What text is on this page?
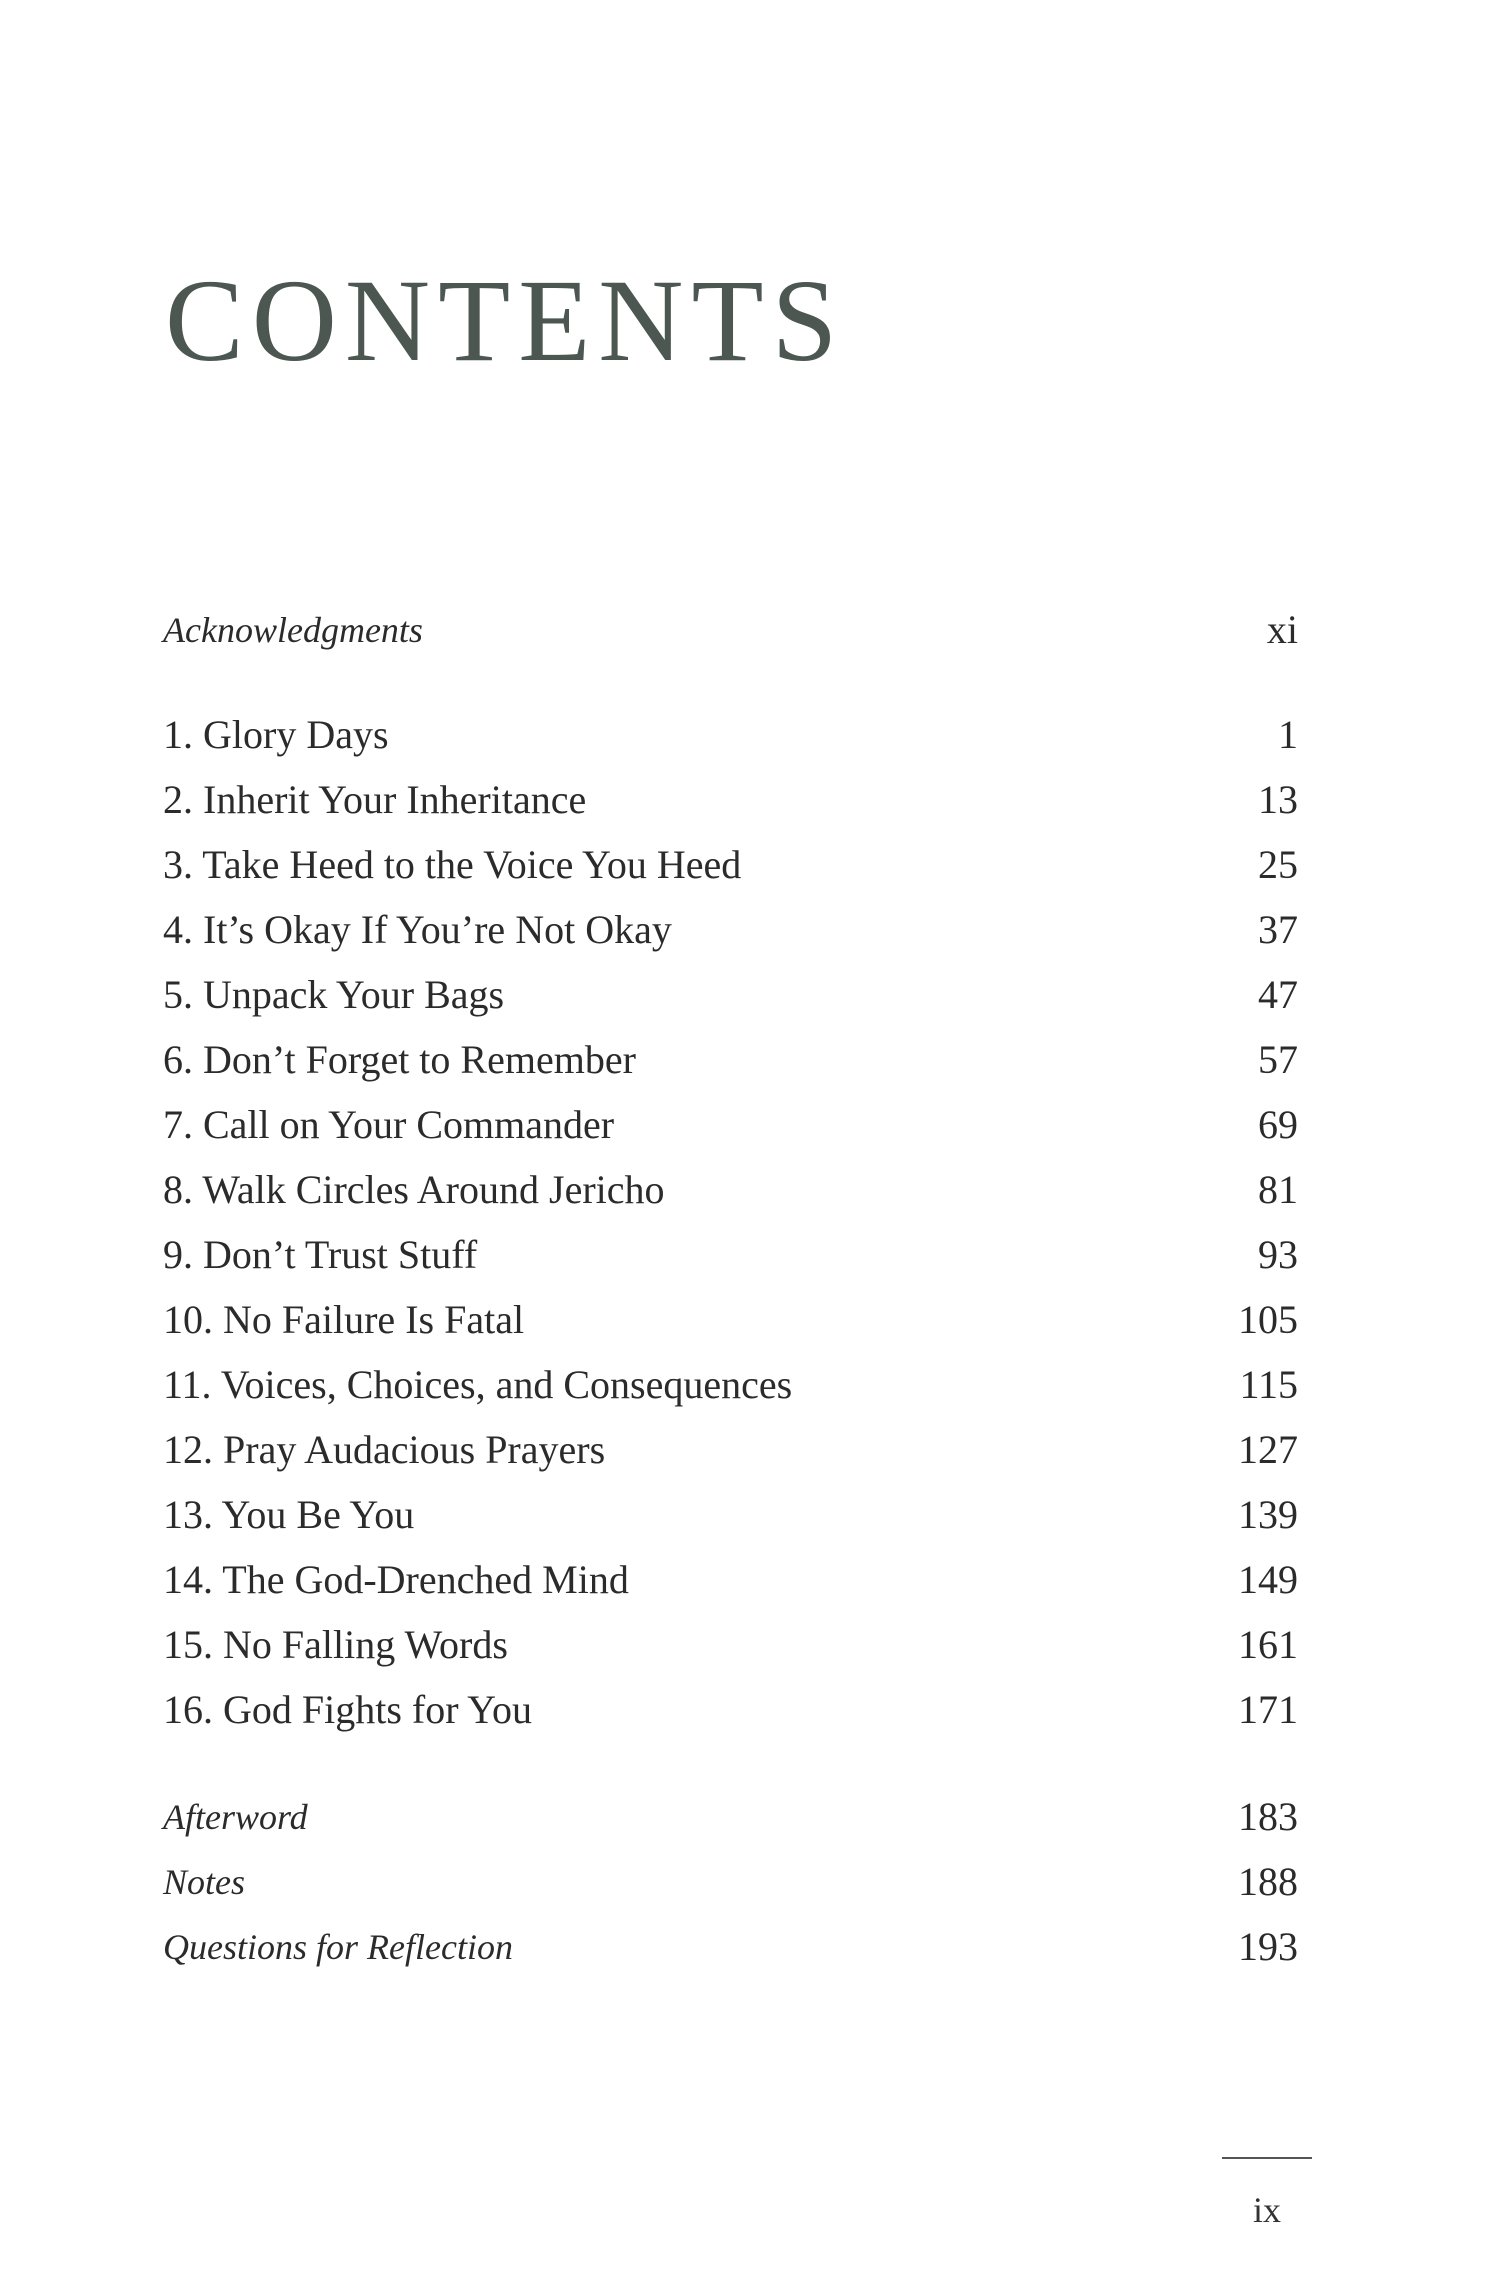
CONTENTS
Acknowledgments	xi
1. Glory Days	1
2. Inherit Your Inheritance	13
3. Take Heed to the Voice You Heed	25
4. It’s Okay If You’re Not Okay	37
5. Unpack Your Bags	47
6. Don’t Forget to Remember	57
7. Call on Your Commander	69
8. Walk Circles Around Jericho	81
9. Don’t Trust Stuff	93
10. No Failure Is Fatal	105
11. Voices, Choices, and Consequences	115
12. Pray Audacious Prayers	127
13. You Be You	139
14. The God-Drenched Mind	149
15. No Falling Words	161
16. God Fights for You	171
Afterword	183
Notes	188
Questions for Reflection	193
ix
